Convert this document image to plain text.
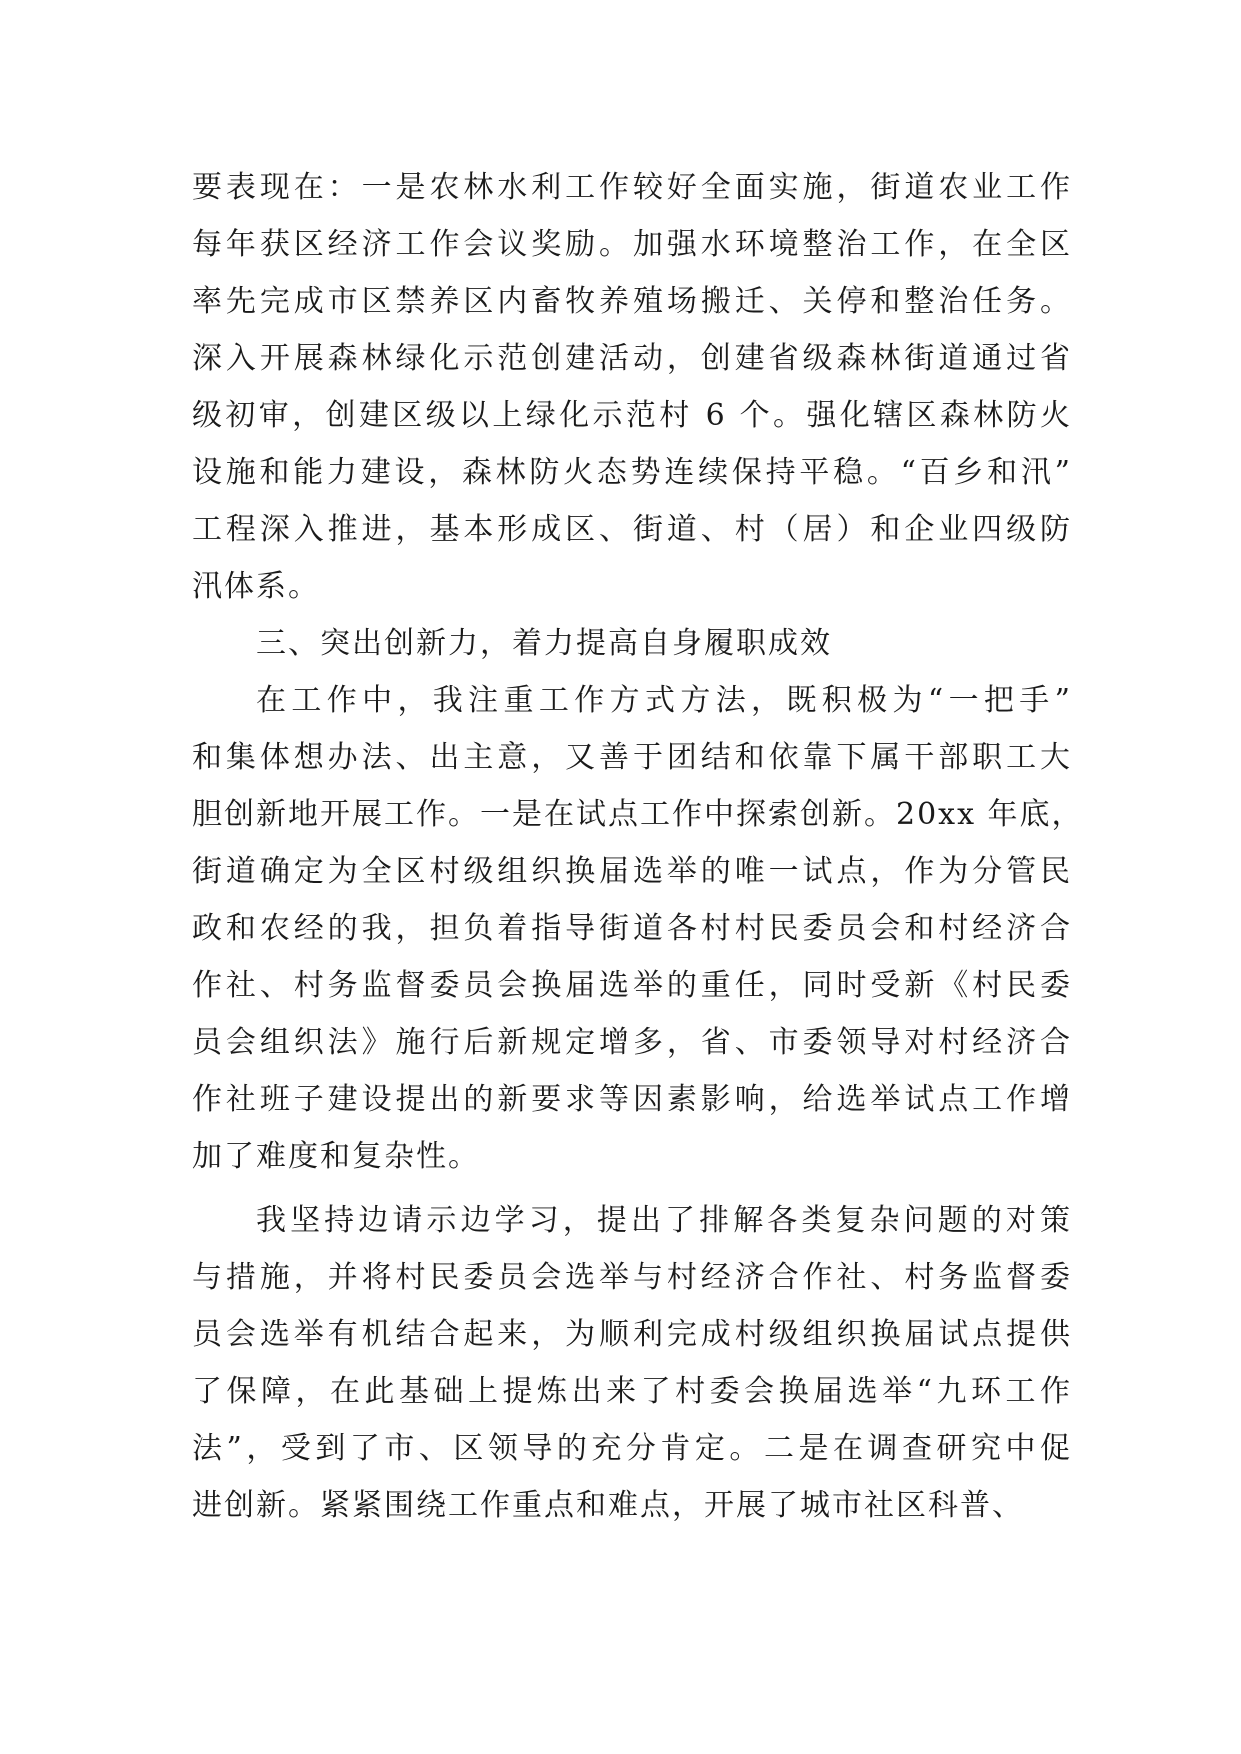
要表现在：一是农林水利工作较好全面实施，街道农业工作
每年获区经济工作会议奖励。加强水环境整治工作，在全区
率先完成市区禁养区内畜牧养殖场搬迁、关停和整治任务。
深入开展森林绿化示范创建活动，创建省级森林街道通过省
级初审，创建区级以上绿化示范村 6 个。强化辖区森林防火
设施和能力建设，森林防火态势连续保持平稳。“百乡和汛”
工程深入推进，基本形成区、街道、村（居）和企业四级防
汛体系。
三、突出创新力，着力提高自身履职成效
在工作中，我注重工作方式方法，既积极为“一把手”
和集体想办法、出主意，又善于团结和依靠下属干部职工大
胆创新地开展工作。一是在试点工作中探索创新。20xx 年底，
街道确定为全区村级组织换届选举的唯一试点，作为分管民
政和农经的我，担负着指导街道各村村民委员会和村经济合
作社、村务监督委员会换届选举的重任，同时受新《村民委
员会组织法》施行后新规定增多，省、市委领导对村经济合
作社班子建设提出的新要求等因素影响，给选举试点工作增
加了难度和复杂性。
我坚持边请示边学习，提出了排解各类复杂问题的对策
与措施，并将村民委员会选举与村经济合作社、村务监督委
员会选举有机结合起来，为顺利完成村级组织换届试点提供
了保障，在此基础上提炼出来了村委会换届选举“九环工作
法”，受到了市、区领导的充分肯定。二是在调查研究中促
进创新。紧紧围绕工作重点和难点，开展了城市社区科普、
